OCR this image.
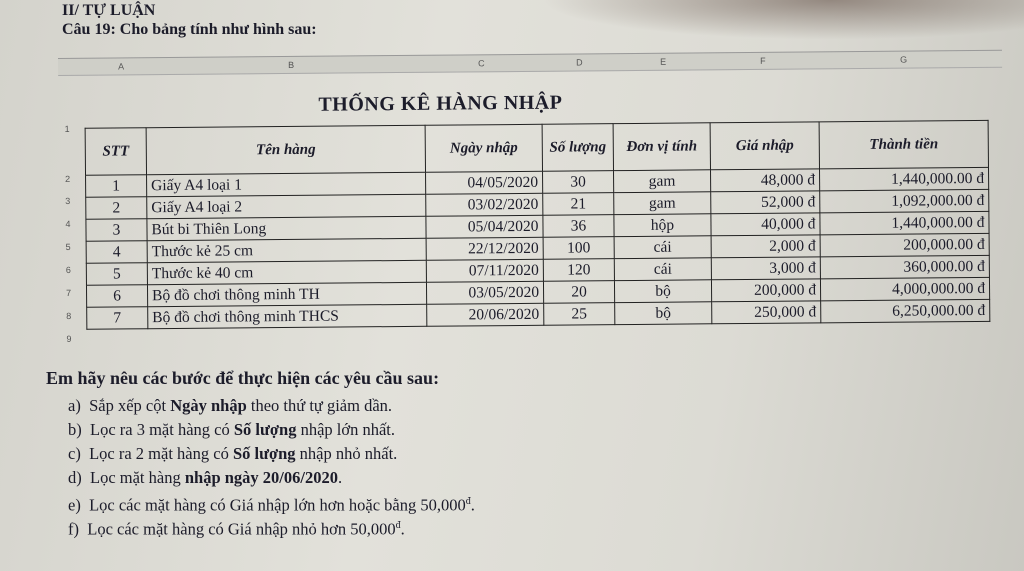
II/ TỰ LUẬN
Câu 19: Cho bảng tính như hình sau:
A	B	C	D	E	F	G
1
2
3
4
5
6
7
8
9
THỐNG KÊ HÀNG NHẬP
STT	Tên hàng	Ngày nhập	Số lượng	Đơn vị tính	Giá nhập	Thành tiền
1	Giấy A4 loại 1	04/05/2020	30	gam	48,000 đ	1,440,000.00 đ
2	Giấy A4 loại 2	03/02/2020	21	gam	52,000 đ	1,092,000.00 đ
3	Bút bi Thiên Long	05/04/2020	36	hộp	40,000 đ	1,440,000.00 đ
4	Thước kẻ 25 cm	22/12/2020	100	cái	2,000 đ	200,000.00 đ
5	Thước kẻ 40 cm	07/11/2020	120	cái	3,000 đ	360,000.00 đ
6	Bộ đồ chơi thông minh TH	03/05/2020	20	bộ	200,000 đ	4,000,000.00 đ
7	Bộ đồ chơi thông minh THCS	20/06/2020	25	bộ	250,000 đ	6,250,000.00 đ
Em hãy nêu các bước để thực hiện các yêu cầu sau:
a) Sắp xếp cột Ngày nhập theo thứ tự giảm dần.
b) Lọc ra 3 mặt hàng có Số lượng nhập lớn nhất.
c) Lọc ra 2 mặt hàng có Số lượng nhập nhỏ nhất.
d) Lọc mặt hàng nhập ngày 20/06/2020.
e) Lọc các mặt hàng có Giá nhập lớn hơn hoặc bằng $50,000^đ$.
f) Lọc các mặt hàng có Giá nhập nhỏ hơn $50,000^đ$.
